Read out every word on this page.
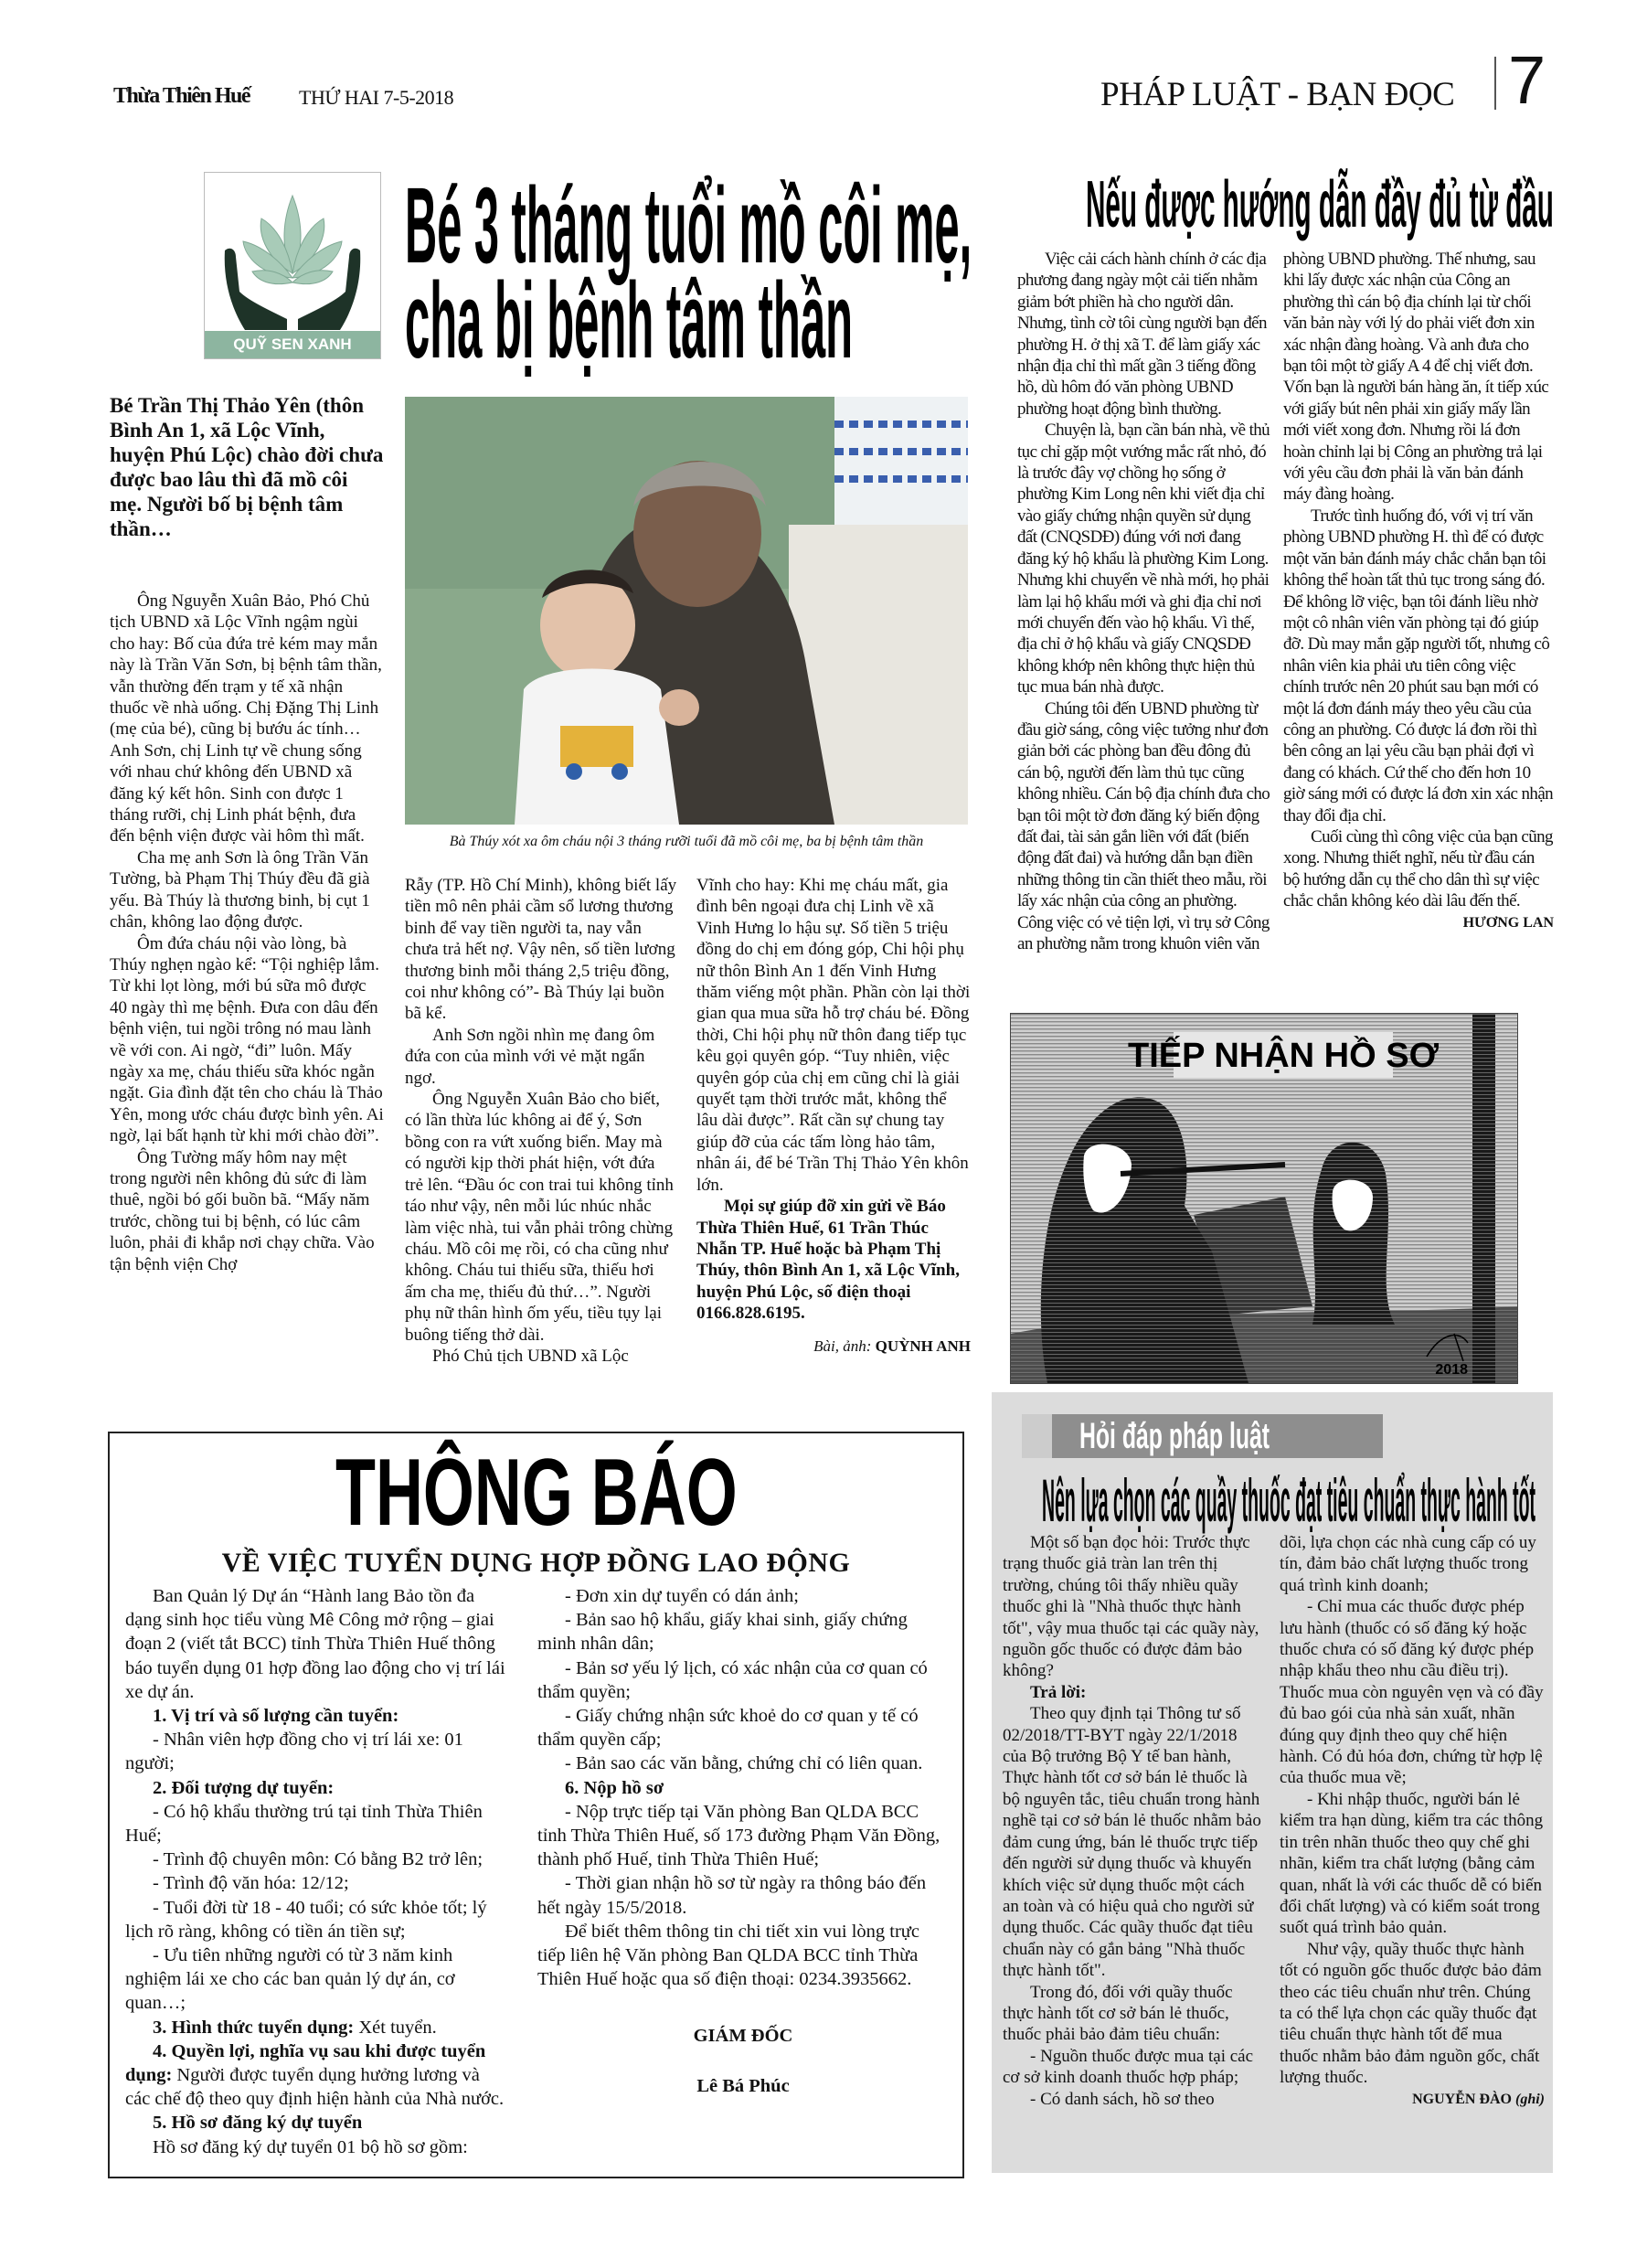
Thừa Thiên Huế THỨ HAI 7-5-2018	PHÁP LUẬT - BẠN ĐỌC 7
QUỸ SEN XANH
Bé 3 tháng tuổi mồ côi mẹ,
cha bị bệnh tâm thần
Bé Trần Thị Thảo Yên (thôn Bình An 1, xã Lộc Vĩnh, huyện Phú Lộc) chào đời chưa được bao lâu thì đã mồ côi mẹ. Người bố bị bệnh tâm thần…
Bà Thúy xót xa ôm cháu nội 3 tháng rưỡi tuổi đã mồ côi mẹ, ba bị bệnh tâm thần

Ông Nguyễn Xuân Bảo, Phó Chủ tịch UBND xã Lộc Vĩnh ngậm ngùi cho hay: Bố của đứa trẻ kém may mắn này là Trần Văn Sơn, bị bệnh tâm thần, vẫn thường đến trạm y tế xã nhận thuốc về nhà uống. Chị Đặng Thị Linh (mẹ của bé), cũng bị bướu ác tính… Anh Sơn, chị Linh tự về chung sống với nhau chứ không đến UBND xã đăng ký kết hôn. Sinh con được 1 tháng rưỡi, chị Linh phát bệnh, đưa đến bệnh viện được vài hôm thì mất.

Cha mẹ anh Sơn là ông Trần Văn Tường, bà Phạm Thị Thúy đều đã già yếu. Bà Thúy là thương binh, bị cụt 1 chân, không lao động được.

Ôm đứa cháu nội vào lòng, bà Thúy nghẹn ngào kể: “Tội nghiệp lắm. Từ khi lọt lòng, mới bú sữa mô được 40 ngày thì mẹ bệnh. Đưa con dâu đến bệnh viện, tui ngồi trông nó mau lành về với con. Ai ngờ, “đi” luôn. Mấy ngày xa mẹ, cháu thiếu sữa khóc ngằn ngặt. Gia đình đặt tên cho cháu là Thảo Yên, mong ước cháu được bình yên. Ai ngờ, lại bất hạnh từ khi mới chào đời”.

Ông Tường mấy hôm nay mệt trong người nên không đủ sức đi làm thuê, ngồi bó gối buồn bã. “Mấy năm trước, chồng tui bị bệnh, có lúc câm luôn, phải đi khắp nơi chạy chữa. Vào tận bệnh viện Chợ

Rẫy (TP. Hồ Chí Minh), không biết lấy tiền mô nên phải cầm sổ lương thương binh để vay tiền người ta, nay vẫn chưa trả hết nợ. Vậy nên, số tiền lương thương binh mỗi tháng 2,5 triệu đồng, coi như không có”- Bà Thúy lại buồn bã kể.

Anh Sơn ngồi nhìn mẹ đang ôm đứa con của mình với vẻ mặt ngẩn ngơ.

Ông Nguyễn Xuân Bảo cho biết, có lần thừa lúc không ai để ý, Sơn bồng con ra vứt xuống biển. May mà có người kịp thời phát hiện, vớt đứa trẻ lên. “Đầu óc con trai tui không tỉnh táo như vậy, nên mỗi lúc nhúc nhắc làm việc nhà, tui vẫn phải trông chừng cháu. Mồ côi mẹ rồi, có cha cũng như không. Cháu tui thiếu sữa, thiếu hơi ấm cha mẹ, thiếu đủ thứ…”. Người phụ nữ thân hình ốm yếu, tiều tụy lại buông tiếng thở dài.

Phó Chủ tịch UBND xã Lộc

Vĩnh cho hay: Khi mẹ cháu mất, gia đình bên ngoại đưa chị Linh về xã Vinh Hưng lo hậu sự. Số tiền 5 triệu đồng do chị em đóng góp, Chi hội phụ nữ thôn Bình An 1 đến Vinh Hưng thăm viếng một phần. Phần còn lại thời gian qua mua sữa hỗ trợ cháu bé. Đồng thời, Chi hội phụ nữ thôn đang tiếp tục kêu gọi quyên góp. “Tuy nhiên, việc quyên góp của chị em cũng chỉ là giải quyết tạm thời trước mắt, không thể lâu dài được”. Rất cần sự chung tay giúp đỡ của các tấm lòng hảo tâm, nhân ái, để bé Trần Thị Thảo Yên khôn lớn.

Mọi sự giúp đỡ xin gửi về Báo Thừa Thiên Huế, 61 Trần Thúc Nhẫn TP. Huế hoặc bà Phạm Thị Thúy, thôn Bình An 1, xã Lộc Vĩnh, huyện Phú Lộc, số điện thoại 0166.828.6195.

Bài, ảnh: QUỲNH ANH
Nếu được hướng dẫn đầy đủ từ đầu

Việc cải cách hành chính ở các địa phương đang ngày một cải tiến nhằm giảm bớt phiền hà cho người dân. Nhưng, tình cờ tôi cùng người bạn đến phường H. ở thị xã T. để làm giấy xác nhận địa chỉ thì mất gần 3 tiếng đồng hồ, dù hôm đó văn phòng UBND phường hoạt động bình thường.

Chuyện là, bạn cần bán nhà, về thủ tục chỉ gặp một vướng mắc rất nhỏ, đó là trước đây vợ chồng họ sống ở phường Kim Long nên khi viết địa chỉ vào giấy chứng nhận quyền sử dụng đất (CNQSDĐ) đúng với nơi đang đăng ký hộ khẩu là phường Kim Long. Nhưng khi chuyển về nhà mới, họ phải làm lại hộ khẩu mới và ghi địa chỉ nơi mới chuyển đến vào hộ khẩu. Vì thế, địa chỉ ở hộ khẩu và giấy CNQSDĐ không khớp nên không thực hiện thủ tục mua bán nhà được.

Chúng tôi đến UBND phường từ đầu giờ sáng, công việc tưởng như đơn giản bởi các phòng ban đều đông đủ cán bộ, người đến làm thủ tục cũng không nhiều. Cán bộ địa chính đưa cho bạn tôi một tờ đơn đăng ký biến động đất đai, tài sản gắn liền với đất (biến động đất đai) và hướng dẫn bạn điền những thông tin cần thiết theo mẫu, rồi lấy xác nhận của công an phường. Công việc có vẻ tiện lợi, vì trụ sở Công an phường nằm trong khuôn viên văn

phòng UBND phường. Thế nhưng, sau khi lấy được xác nhận của Công an phường thì cán bộ địa chính lại từ chối văn bản này với lý do phải viết đơn xin xác nhận đàng hoàng. Và anh đưa cho bạn tôi một tờ giấy A 4 để chị viết đơn. Vốn bạn là người bán hàng ăn, ít tiếp xúc với giấy bút nên phải xin giấy mấy lần mới viết xong đơn. Nhưng rồi lá đơn hoàn chỉnh lại bị Công an phường trả lại với yêu cầu đơn phải là văn bản đánh máy đàng hoàng.

Trước tình huống đó, với vị trí văn phòng UBND phường H. thì để có được một văn bản đánh máy chắc chắn bạn tôi không thể hoàn tất thủ tục trong sáng đó. Để không lỡ việc, bạn tôi đánh liều nhờ một cô nhân viên văn phòng tại đó giúp đỡ. Dù may mắn gặp người tốt, nhưng cô nhân viên kia phải ưu tiên công việc chính trước nên 20 phút sau bạn mới có một lá đơn đánh máy theo yêu cầu của công an phường. Có được lá đơn rồi thì bên công an lại yêu cầu bạn phải đợi vì đang có khách. Cứ thế cho đến hơn 10 giờ sáng mới có được lá đơn xin xác nhận thay đổi địa chỉ.

Cuối cùng thì công việc của bạn cũng xong. Nhưng thiết nghĩ, nếu từ đầu cán bộ hướng dẫn cụ thể cho dân thì sự việc chắc chắn không kéo dài lâu đến thế.

HƯƠNG LAN
TIẾP NHẬN HỒ SƠ
2018
Hỏi đáp pháp luật
Nên lựa chọn các quầy thuốc đạt tiêu chuẩn thực hành tốt

Một số bạn đọc hỏi: Trước thực trạng thuốc giả tràn lan trên thị trường, chúng tôi thấy nhiều quầy thuốc ghi là "Nhà thuốc thực hành tốt", vậy mua thuốc tại các quầy này, nguồn gốc thuốc có được đảm bảo không?

Trả lời:

Theo quy định tại Thông tư số 02/2018/TT-BYT ngày 22/1/2018 của Bộ trưởng Bộ Y tế ban hành, Thực hành tốt cơ sở bán lẻ thuốc là bộ nguyên tắc, tiêu chuẩn trong hành nghề tại cơ sở bán lẻ thuốc nhằm bảo đảm cung ứng, bán lẻ thuốc trực tiếp đến người sử dụng thuốc và khuyến khích việc sử dụng thuốc một cách an toàn và có hiệu quả cho người sử dụng thuốc. Các quầy thuốc đạt tiêu chuẩn này có gắn bảng "Nhà thuốc thực hành tốt".

Trong đó, đối với quầy thuốc thực hành tốt cơ sở bán lẻ thuốc, thuốc phải bảo đảm tiêu chuẩn:

- Nguồn thuốc được mua tại các cơ sở kinh doanh thuốc hợp pháp;

- Có danh sách, hồ sơ theo

dõi, lựa chọn các nhà cung cấp có uy tín, đảm bảo chất lượng thuốc trong quá trình kinh doanh;

- Chỉ mua các thuốc được phép lưu hành (thuốc có số đăng ký hoặc thuốc chưa có số đăng ký được phép nhập khẩu theo nhu cầu điều trị). Thuốc mua còn nguyên vẹn và có đầy đủ bao gói của nhà sản xuất, nhãn đúng quy định theo quy chế hiện hành. Có đủ hóa đơn, chứng từ hợp lệ của thuốc mua về;

- Khi nhập thuốc, người bán lẻ kiểm tra hạn dùng, kiểm tra các thông tin trên nhãn thuốc theo quy chế ghi nhãn, kiểm tra chất lượng (bằng cảm quan, nhất là với các thuốc dễ có biến đổi chất lượng) và có kiểm soát trong suốt quá trình bảo quản.

Như vậy, quầy thuốc thực hành tốt có nguồn gốc thuốc được bảo đảm theo các tiêu chuẩn như trên. Chúng ta có thể lựa chọn các quầy thuốc đạt tiêu chuẩn thực hành tốt để mua thuốc nhằm bảo đảm nguồn gốc, chất lượng thuốc.

NGUYỄN ĐÀO (ghi)
THÔNG BÁO
VỀ VIỆC TUYỂN DỤNG HỢP ĐỒNG LAO ĐỘNG

Ban Quản lý Dự án “Hành lang Bảo tồn đa dạng sinh học tiểu vùng Mê Công mở rộng – giai đoạn 2 (viết tắt BCC) tỉnh Thừa Thiên Huế thông báo tuyển dụng 01 hợp đồng lao động cho vị trí lái xe dự án.

1. Vị trí và số lượng cần tuyển:

- Nhân viên hợp đồng cho vị trí lái xe: 01 người;

2. Đối tượng dự tuyển:

- Có hộ khẩu thường trú tại tỉnh Thừa Thiên Huế;

- Trình độ chuyên môn: Có bằng B2 trở lên;

- Trình độ văn hóa: 12/12;

- Tuổi đời từ 18 - 40 tuổi; có sức khỏe tốt; lý lịch rõ ràng, không có tiền án tiền sự;

- Ưu tiên những người có từ 3 năm kinh nghiệm lái xe cho các ban quản lý dự án, cơ quan…;

3. Hình thức tuyển dụng: Xét tuyển.

4. Quyền lợi, nghĩa vụ sau khi được tuyển dụng: Người được tuyển dụng hưởng lương và các chế độ theo quy định hiện hành của Nhà nước.

5. Hồ sơ đăng ký dự tuyển

Hồ sơ đăng ký dự tuyển 01 bộ hồ sơ gồm:

- Đơn xin dự tuyển có dán ảnh;

- Bản sao hộ khẩu, giấy khai sinh, giấy chứng minh nhân dân;

- Bản sơ yếu lý lịch, có xác nhận của cơ quan có thẩm quyền;

- Giấy chứng nhận sức khoẻ do cơ quan y tế có thẩm quyền cấp;

- Bản sao các văn bằng, chứng chỉ có liên quan.

6. Nộp hồ sơ

- Nộp trực tiếp tại Văn phòng Ban QLDA BCC tỉnh Thừa Thiên Huế, số 173 đường Phạm Văn Đồng, thành phố Huế, tỉnh Thừa Thiên Huế;

- Thời gian nhận hồ sơ từ ngày ra thông báo đến hết ngày 15/5/2018.

Để biết thêm thông tin chi tiết xin vui lòng trực tiếp liên hệ Văn phòng Ban QLDA BCC tỉnh Thừa Thiên Huế hoặc qua số điện thoại: 0234.3935662.

GIÁM ĐỐC
Lê Bá Phúc
